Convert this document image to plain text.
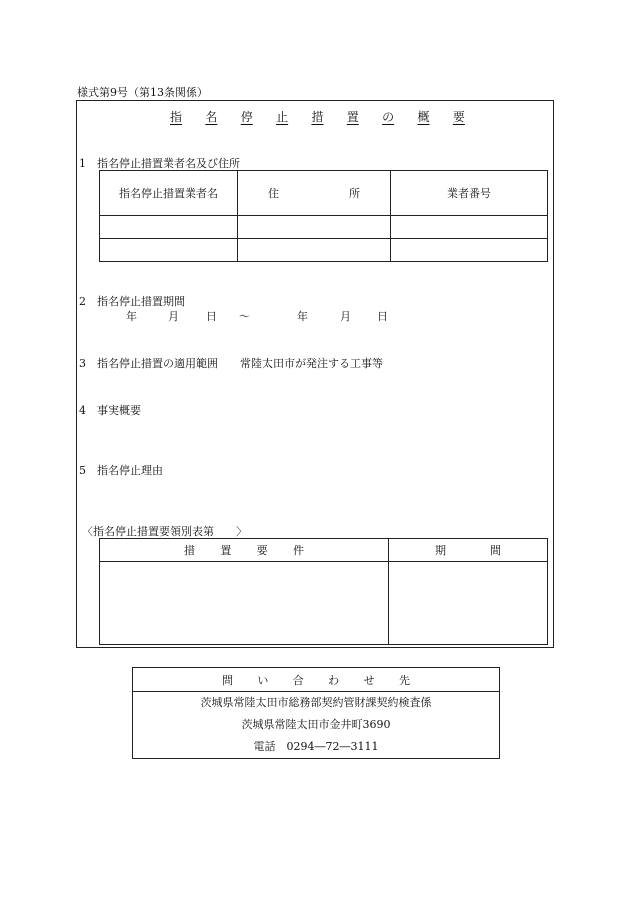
様式第9号（第13条関係）
指 名 停 止 措 置 の 概 要
1 指名停止措置業者名及び住所
指名停止措置業者名	住 所	業者番号

2 指名停止措置期間
年	月	日	～	年	月	日
3 指名停止措置の適用範囲 常陸太田市が発注する工事等
4 事実概要
5 指名停止理由
〈指名停止措置要領別表第　　〉
措 置 要 件	期 間

問 い 合 わ せ 先
茨城県常陸太田市総務部契約管財課契約検査係
茨城県常陸太田市金井町3690
電話　0294―72―3111
